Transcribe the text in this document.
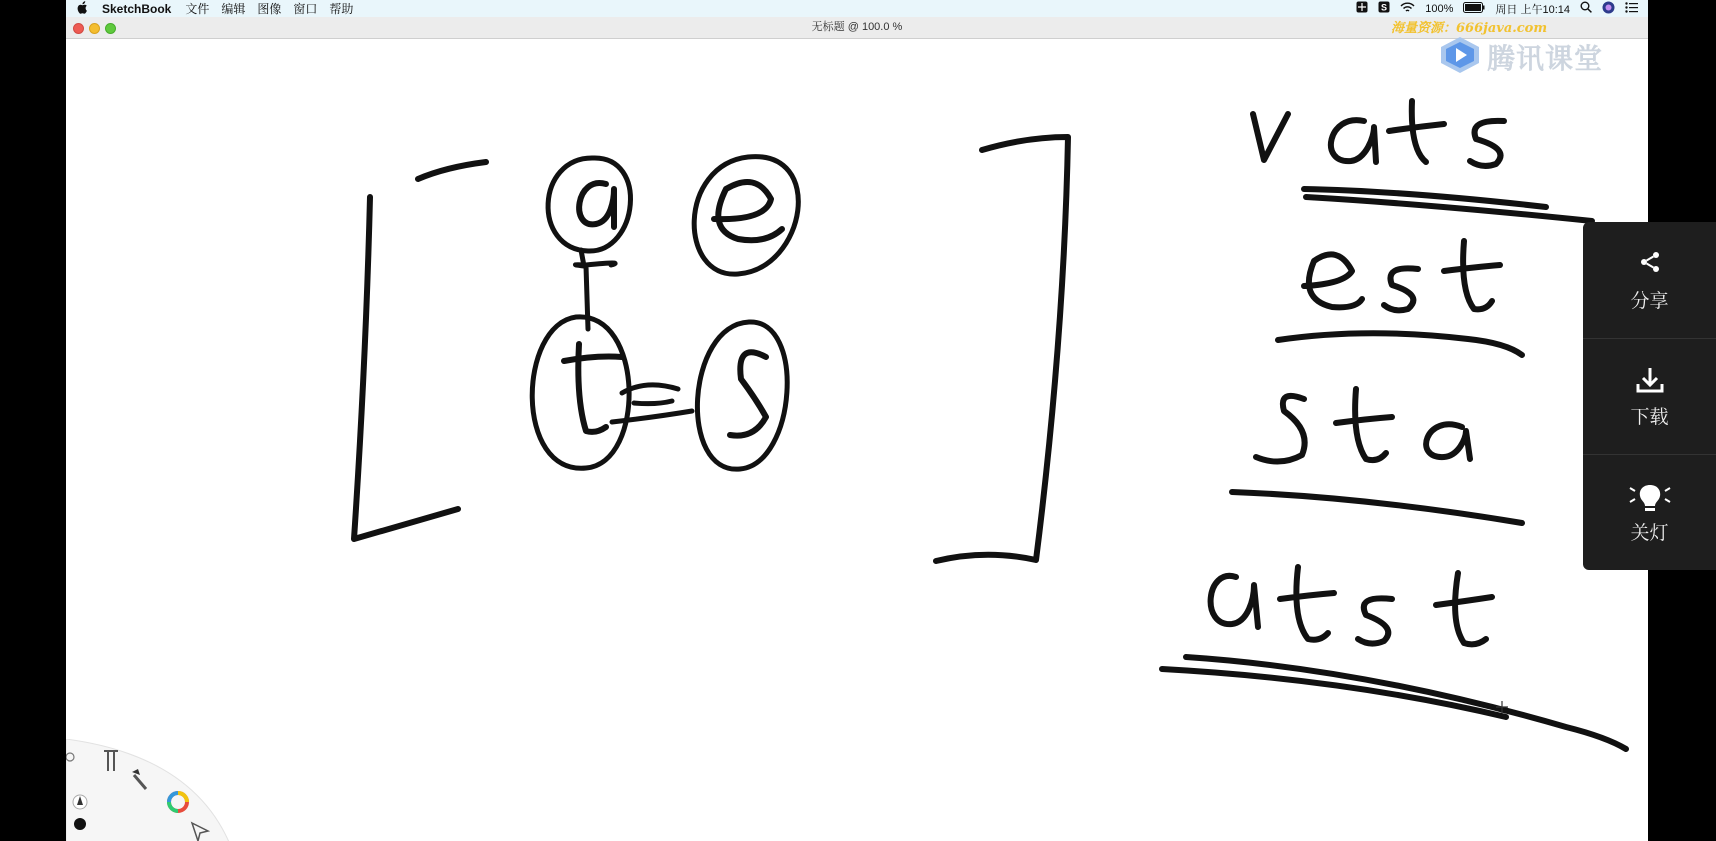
SketchBook 文件 编辑 图像 窗口 帮助	S	100%	周日 上午10:14
无标题 @ 100.0 %	海量资源：666java.com
腾讯课堂
分享
下载
关灯
